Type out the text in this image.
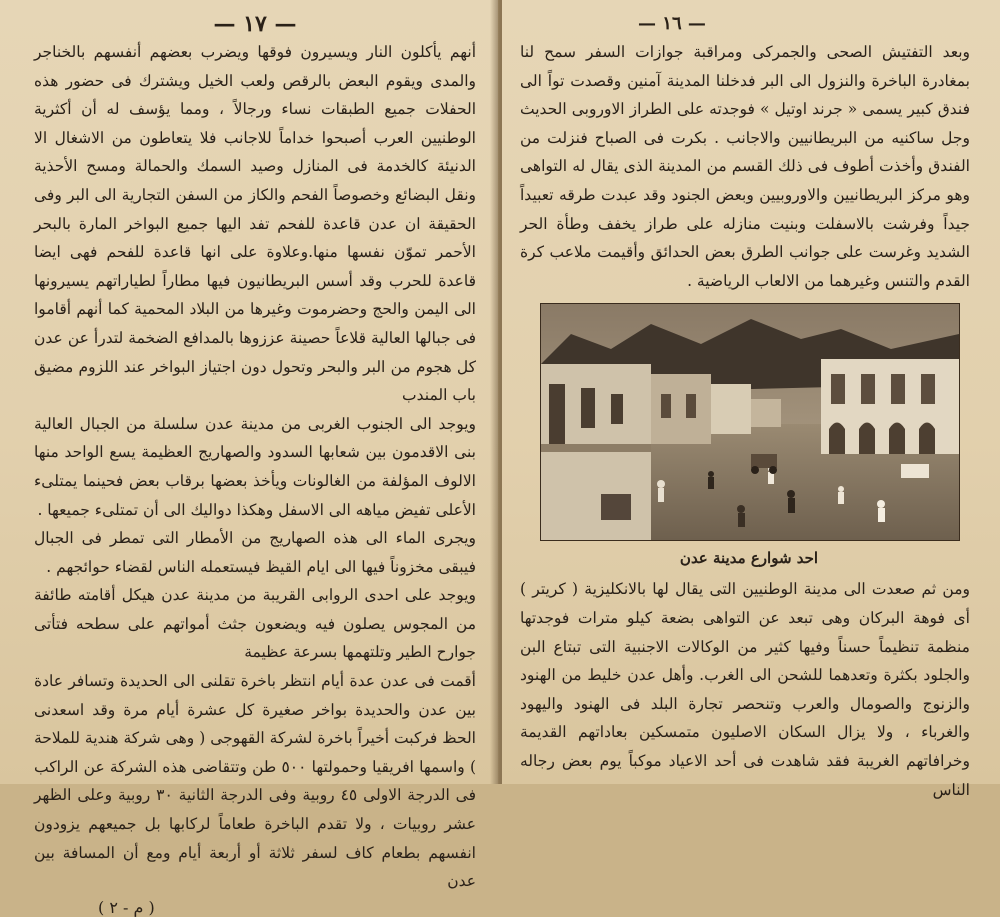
— ١٧ —

أنهم يأكلون النار ويسيرون فوقها ويضرب بعضهم أنفسهم بالخناجر والمدى ويقوم البعض بالرقص ولعب الخيل ويشترك فى حضور هذه الحفلات جميع الطبقات نساء ورجالاً ، ومما يؤسف له أن أكثرية الوطنيين العرب أصبحوا خداماً للاجانب فلا يتعاطون من الاشغال الا الدنيئة كالخدمة فى المنازل وصيد السمك والحمالة ومسح الأحذية ونقل البضائع وخصوصاً الفحم والكاز من السفن التجارية الى البر وفى الحقيقة ان عدن قاعدة للفحم تفد اليها جميع البواخر المارة بالبحر الأحمر تموّن نفسها منها.وعلاوة على انها قاعدة للفحم فهى ايضا قاعدة للحرب وقد أسس البريطانيون فيها مطاراً لطياراتهم يسيرونها الى اليمن والحج وحضرموت وغيرها من البلاد المحمية كما أنهم أقاموا فى جبالها العالية قلاعاً حصينة عززوها بالمدافع الضخمة لتدرأ عن عدن كل هجوم من البر والبحر وتحول دون اجتياز البواخر عند اللزوم مضيق باب المندب

ويوجد الى الجنوب الغربى من مدينة عدن سلسلة من الجبال العالية بنى الاقدمون بين شعابها السدود والصهاريج العظيمة يسع الواحد منها الالوف المؤلفة من الغالونات ويأخذ بعضها برقاب بعض فحينما يمتلىء الأعلى تفيض مياهه الى الاسفل وهكذا دواليك الى أن تمتلىء جميعها .

ويجرى الماء الى هذه الصهاريج من الأمطار التى تمطر فى الجبال فيبقى مخزوناً فيها الى ايام القيظ فيستعمله الناس لقضاء حوائجهم .

ويوجد على احدى الروابى القريبة من مدينة عدن هيكل أقامته طائفة من المجوس يصلون فيه ويضعون جثث أمواتهم على سطحه فتأتى جوارح الطير وتلتهمها بسرعة عظيمة

أقمت فى عدن عدة أيام انتظر باخرة تقلنى الى الحديدة وتسافر عادة بين عدن والحديدة بواخر صغيرة كل عشرة أيام مرة وقد اسعدنى الحظ فركبت أخيراً باخرة لشركة القهوجى ( وهى شركة هندية للملاحة ) واسمها افريقيا وحمولتها ٥٠٠ طن وتتقاضى هذه الشركة عن الراكب فى الدرجة الاولى ٤٥ روبية وفى الدرجة الثانية ٣٠ روبية وعلى الظهر عشر روبيات ، ولا تقدم الباخرة طعاماً لركابها بل جميعهم يزودون انفسهم بطعام كاف لسفر ثلاثة أو أربعة أيام ومع أن المسافة بين عدن

( م - ٢ )
— ١٦ —

وبعد التفتيش الصحى والجمركى ومراقبة جوازات السفر سمح لنا بمغادرة الباخرة والنزول الى البر فدخلنا المدينة آمنين وقصدت تواً الى فندق كبير يسمى « جرند اوتيل » فوجدته على الطراز الاوروبى الحديث وجل ساكنيه من البريطانيين والاجانب . بكرت فى الصباح فنزلت من الفندق وأخذت أطوف فى ذلك القسم من المدينة الذى يقال له التواهى وهو مركز البريطانيين والاوروبيين وبعض الجنود وقد عبدت طرقه تعبيداً جيداً وفرشت بالاسفلت وبنيت منازله على طراز يخفف وطأة الحر الشديد وغرست على جوانب الطرق بعض الحدائق وأقيمت ملاعب كرة القدم والتنس وغيرهما من الالعاب الرياضية .

احد شوارع مدينة عدن

ومن ثم صعدت الى مدينة الوطنيين التى يقال لها بالانكليزية ( كريتر ) أى فوهة البركان وهى تبعد عن التواهى بضعة كيلو مترات فوجدتها منظمة تنظيماً حسناً وفيها كثير من الوكالات الاجنبية التى تبتاع البن والجلود بكثرة وتعدهما للشحن الى الغرب. وأهل عدن خليط من الهنود والزنوج والصومال والعرب وتنحصر تجارة البلد فى الهنود واليهود والغرباء ، ولا يزال السكان الاصليون متمسكين بعاداتهم القديمة وخرافاتهم الغريبة فقد شاهدت فى أحد الاعياد موكباً يوم بعض رجاله الناس
